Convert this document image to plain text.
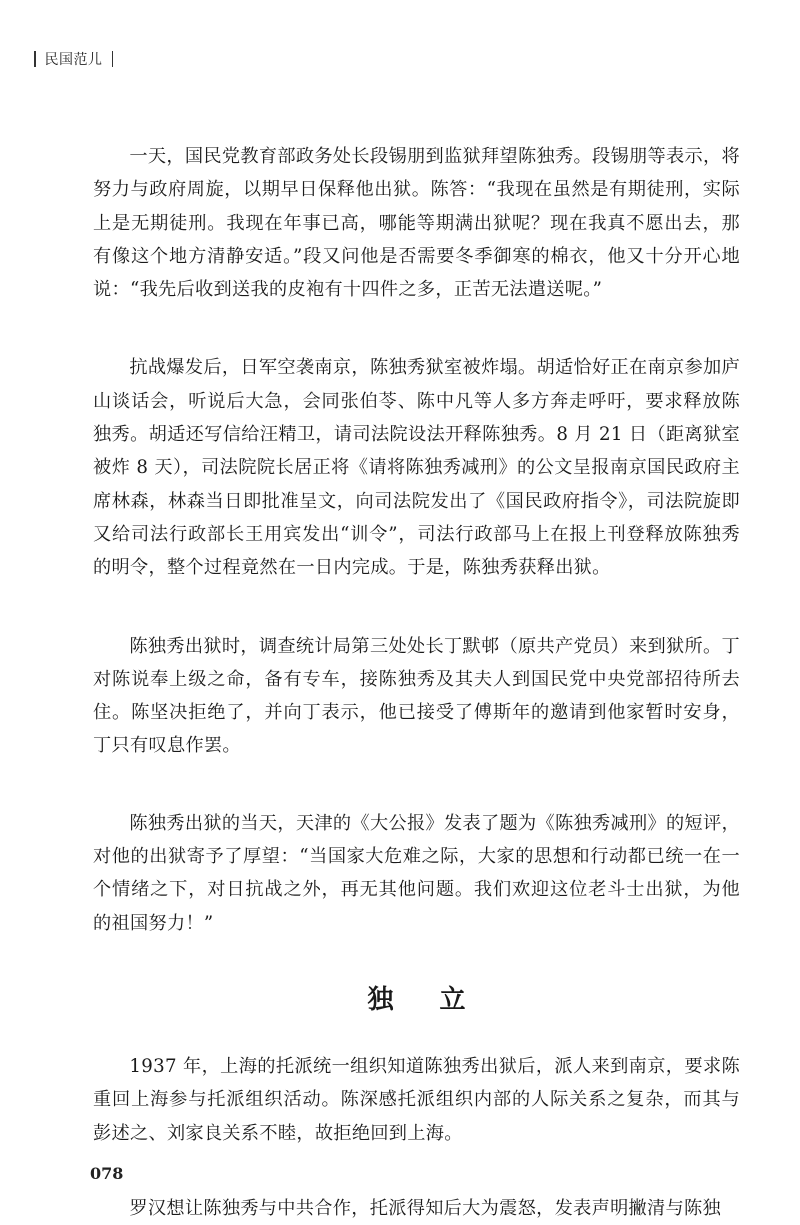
民国范儿

一天，国民党教育部政务处长段锡朋到监狱拜望陈独秀。段锡朋等表示，将努力与政府周旋，以期早日保释他出狱。陈答：“我现在虽然是有期徒刑，实际上是无期徒刑。我现在年事已高，哪能等期满出狱呢？现在我真不愿出去，那有像这个地方清静安适。”段又问他是否需要冬季御寒的棉衣，他又十分开心地说：“我先后收到送我的皮袍有十四件之多，正苦无法遣送呢。”

抗战爆发后，日军空袭南京，陈独秀狱室被炸塌。胡适恰好正在南京参加庐山谈话会，听说后大急，会同张伯苓、陈中凡等人多方奔走呼吁，要求释放陈独秀。胡适还写信给汪精卫，请司法院设法开释陈独秀。8 月 21 日（距离狱室被炸 8 天），司法院院长居正将《请将陈独秀减刑》的公文呈报南京国民政府主席林森，林森当日即批准呈文，向司法院发出了《国民政府指令》，司法院旋即又给司法行政部长王用宾发出“训令”，司法行政部马上在报上刊登释放陈独秀的明令，整个过程竟然在一日内完成。于是，陈独秀获释出狱。

陈独秀出狱时，调查统计局第三处处长丁默邨（原共产党员）来到狱所。丁对陈说奉上级之命，备有专车，接陈独秀及其夫人到国民党中央党部招待所去住。陈坚决拒绝了，并向丁表示，他已接受了傅斯年的邀请到他家暂时安身，丁只有叹息作罢。

陈独秀出狱的当天，天津的《大公报》发表了题为《陈独秀减刑》的短评，对他的出狱寄予了厚望：“当国家大危难之际，大家的思想和行动都已统一在一个情绪之下，对日抗战之外，再无其他问题。我们欢迎这位老斗士出狱，为他的祖国努力！”

独立

1937 年，上海的托派统一组织知道陈独秀出狱后，派人来到南京，要求陈重回上海参与托派组织活动。陈深感托派组织内部的人际关系之复杂，而其与彭述之、刘家良关系不睦，故拒绝回到上海。

罗汉想让陈独秀与中共合作，托派得知后大为震怒，发表声明撇清与陈独

078
